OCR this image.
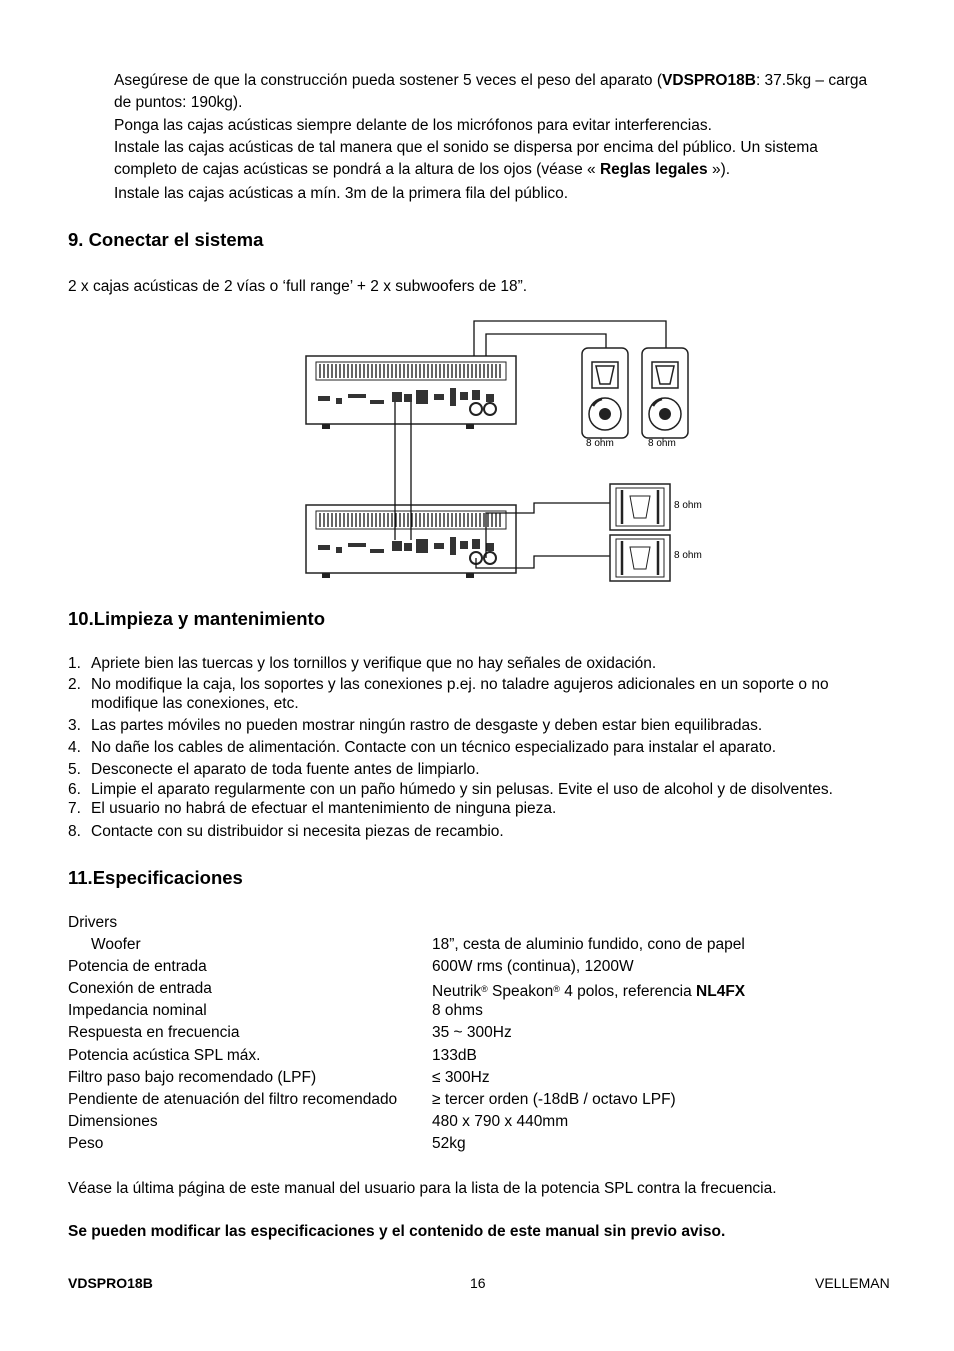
Asegúrese de que la construcción pueda sostener 5 veces el peso del aparato (VDSPRO18B: 37.5kg – carga
de puntos: 190kg).
Ponga las cajas acústicas siempre delante de los micrófonos para evitar interferencias.
Instale las cajas acústicas de tal manera que el sonido se dispersa por encima del público. Un sistema
completo de cajas acústicas se pondrá a la altura de los ojos (véase « Reglas legales »).
Instale las cajas acústicas a mín. 3m de la primera fila del público.
9. Conectar el sistema
2 x cajas acústicas de 2 vías o ‘full range’ + 2 x subwoofers de 18”.
8 ohm	8 ohm
8 ohm
8 ohm
10.Limpieza y mantenimiento
1. Apriete bien las tuercas y los tornillos y verifique que no hay señales de oxidación.
2. No modifique la caja, los soportes y las conexiones p.ej. no taladre agujeros adicionales en un soporte o no
modifique las conexiones, etc.
3. Las partes móviles no pueden mostrar ningún rastro de desgaste y deben estar bien equilibradas.
4. No dañe los cables de alimentación. Contacte con un técnico especializado para instalar el aparato.
5. Desconecte el aparato de toda fuente antes de limpiarlo.
6. Limpie el aparato regularmente con un paño húmedo y sin pelusas. Evite el uso de alcohol y de disolventes.
7. El usuario no habrá de efectuar el mantenimiento de ninguna pieza.
8. Contacte con su distribuidor si necesita piezas de recambio.
11.Especificaciones
Drivers
Woofer	18”, cesta de aluminio fundido, cono de papel
Potencia de entrada	600W rms (continua), 1200W
Conexión de entrada	Neutrik® Speakon® 4 polos, referencia NL4FX
Impedancia nominal	8 ohms
Respuesta en frecuencia	35 ~ 300Hz
Potencia acústica SPL máx.	133dB
Filtro paso bajo recomendado (LPF)	≤ 300Hz
Pendiente de atenuación del filtro recomendado ≥ tercer orden (-18dB / octavo LPF)
Dimensiones	480 x 790 x 440mm
Peso	52kg
Véase la última página de este manual del usuario para la lista de la potencia SPL contra la frecuencia.
Se pueden modificar las especificaciones y el contenido de este manual sin previo aviso.
VDSPRO18B	16	VELLEMAN
